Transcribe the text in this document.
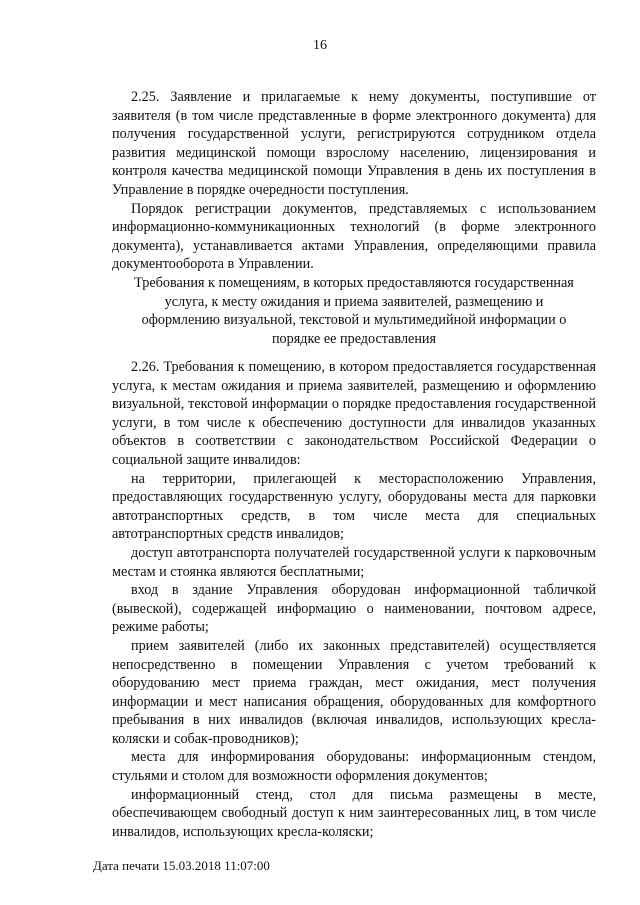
16

2.25. Заявление и прилагаемые к нему документы, поступившие от заявителя (в том числе представленные в форме электронного документа) для получения государственной услуги, регистрируются сотрудником отдела развития медицинской помощи взрослому населению, лицензирования и контроля качества медицинской помощи Управления в день их поступления в Управление в порядке очередности поступления.

Порядок регистрации документов, представляемых с использованием информационно-коммуникационных технологий (в форме электронного документа), устанавливается актами Управления, определяющими правила документооборота в Управлении.

Требования к помещениям, в которых предоставляются государственная услуга, к месту ожидания и приема заявителей, размещению и оформлению визуальной, текстовой и мультимедийной информации о порядке ее предоставления

2.26. Требования к помещению, в котором предоставляется государственная услуга, к местам ожидания и приема заявителей, размещению и оформлению визуальной, текстовой информации о порядке предоставления государственной услуги, в том числе к обеспечению доступности для инвалидов указанных объектов в соответствии с законодательством Российской Федерации о социальной защите инвалидов:

на территории, прилегающей к месторасположению Управления, предоставляющих государственную услугу, оборудованы места для парковки автотранспортных средств, в том числе места для специальных автотранспортных средств инвалидов;

доступ автотранспорта получателей государственной услуги к парковочным местам и стоянка являются бесплатными;

вход в здание Управления оборудован информационной табличкой (вывеской), содержащей информацию о наименовании, почтовом адресе, режиме работы;

прием заявителей (либо их законных представителей) осуществляется непосредственно в помещении Управления с учетом требований к оборудованию мест приема граждан, мест ожидания, мест получения информации и мест написания обращения, оборудованных для комфортного пребывания в них инвалидов (включая инвалидов, использующих кресла-коляски и собак-проводников);

места для информирования оборудованы: информационным стендом, стульями и столом для возможности оформления документов;

информационный стенд, стол для письма размещены в месте, обеспечивающем свободный доступ к ним заинтересованных лиц, в том числе инвалидов, использующих кресла-коляски;

Дата печати 15.03.2018 11:07:00
